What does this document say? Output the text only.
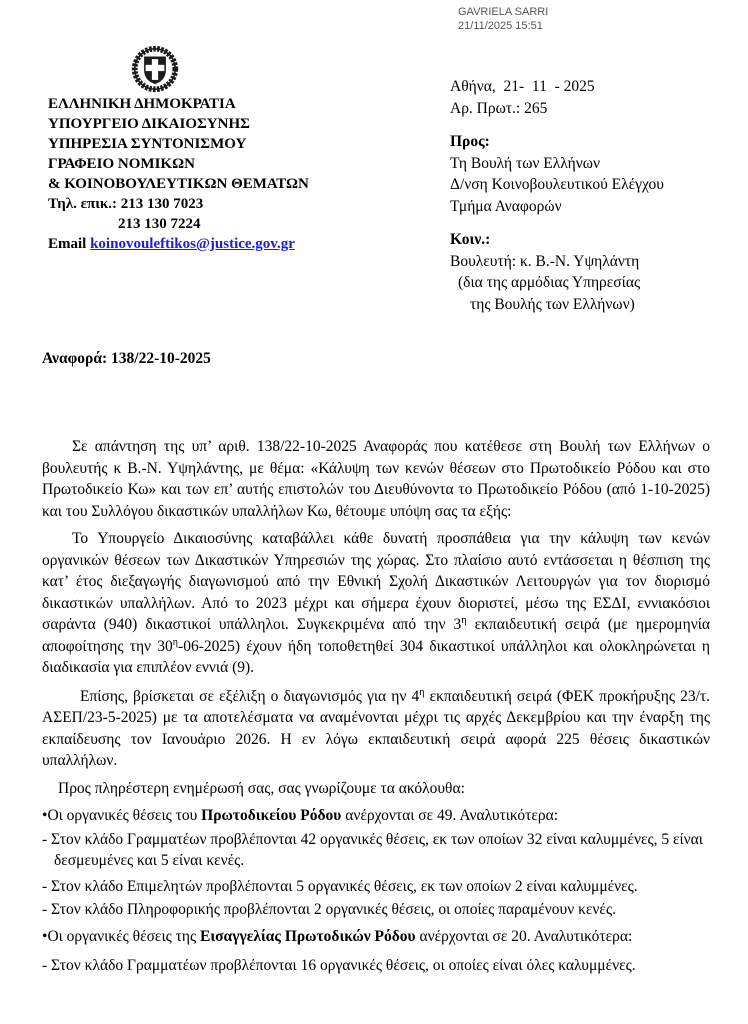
GAVRIELA SARRI
21/11/2025 15:51
ΕΛΛΗΝΙΚΗ ΔΗΜΟΚΡΑΤΙΑ
ΥΠΟΥΡΓΕΙΟ ΔΙΚΑΙΟΣΥΝΗΣ
ΥΠΗΡΕΣΙΑ ΣΥΝΤΟΝΙΣΜΟΥ
ΓΡΑΦΕΙΟ ΝΟΜΙΚΩΝ
& ΚΟΙΝΟΒΟΥΛΕΥΤΙΚΩΝ ΘΕΜΑΤΩΝ
Τηλ. επικ.: 213 130 7023
213 130 7224
Email koinovouleftikos@justice.gov.gr
Αθήνα,  21-  11  - 2025
Αρ. Πρωτ.: 265
Προς:
Τη Βουλή των Ελλήνων
Δ/νση Κοινοβουλευτικού Ελέγχου
Τμήμα Αναφορών
Κοιν.:
Βουλευτή: κ. Β.-Ν. Υψηλάντη
(δια της αρμόδιας Υπηρεσίας
της Βουλής των Ελλήνων)
Αναφορά: 138/22-10-2025

Σε απάντηση της υπ’ αριθ. 138/22-10-2025 Αναφοράς που κατέθεσε στη Βουλή των Ελλήνων ο βουλευτής κ Β.-Ν. Υψηλάντης, με θέμα: «Κάλυψη των κενών θέσεων στο Πρωτοδικείο Ρόδου και στο Πρωτοδικείο Κω» και των επ’ αυτής επιστολών του Διευθύνοντα το Πρωτοδικείο Ρόδου (από 1-10-2025) και του Συλλόγου δικαστικών υπαλλήλων Κω, θέτουμε υπόψη σας τα εξής:

Το Υπουργείο Δικαιοσύνης καταβάλλει κάθε δυνατή προσπάθεια για την κάλυψη των κενών οργανικών θέσεων των Δικαστικών Υπηρεσιών της χώρας. Στο πλαίσιο αυτό εντάσσεται η θέσπιση της κατ’ έτος διεξαγωγής διαγωνισμού από την Εθνική Σχολή Δικαστικών Λειτουργών για τον διορισμό δικαστικών υπαλλήλων. Από το 2023 μέχρι και σήμερα έχουν διοριστεί, μέσω της ΕΣΔΙ, εννιακόσιοι σαράντα (940) δικαστικοί υπάλληλοι. Συγκεκριμένα από την $3^\eta$ εκπαιδευτική σειρά (με ημερομηνία αποφοίτησης την $30^\eta-06-2025$) έχουν ήδη τοποθετηθεί 304 δικαστικοί υπάλληλοι και ολοκληρώνεται η διαδικασία για επιπλέον εννιά (9).

Επίσης, βρίσκεται σε εξέλιξη ο διαγωνισμός για ην $4^\eta$ εκπαιδευτική σειρά (ΦΕΚ προκήρυξης 23/τ. ΑΣΕΠ/23-5-2025) με τα αποτελέσματα να αναμένονται μέχρι τις αρχές Δεκεμβρίου και την έναρξη της εκπαίδευσης τον Ιανουάριο 2026. Η εν λόγω εκπαιδευτική σειρά αφορά 225 θέσεις δικαστικών υπαλλήλων.

Προς πληρέστερη ενημέρωσή σας, σας γνωρίζουμε τα ακόλουθα:

•Οι οργανικές θέσεις του Πρωτοδικείου Ρόδου ανέρχονται σε 49. Αναλυτικότερα:

- Στον κλάδο Γραμματέων προβλέπονται 42 οργανικές θέσεις, εκ των οποίων 32 είναι καλυμμένες, 5 είναι δεσμευμένες και 5 είναι κενές.

- Στον κλάδο Επιμελητών προβλέπονται 5 οργανικές θέσεις, εκ των οποίων 2 είναι καλυμμένες.

- Στον κλάδο Πληροφορικής προβλέπονται 2 οργανικές θέσεις, οι οποίες παραμένουν κενές.

•Οι οργανικές θέσεις της Εισαγγελίας Πρωτοδικών Ρόδου ανέρχονται σε 20. Αναλυτικότερα:

- Στον κλάδο Γραμματέων προβλέπονται 16 οργανικές θέσεις, οι οποίες είναι όλες καλυμμένες.
